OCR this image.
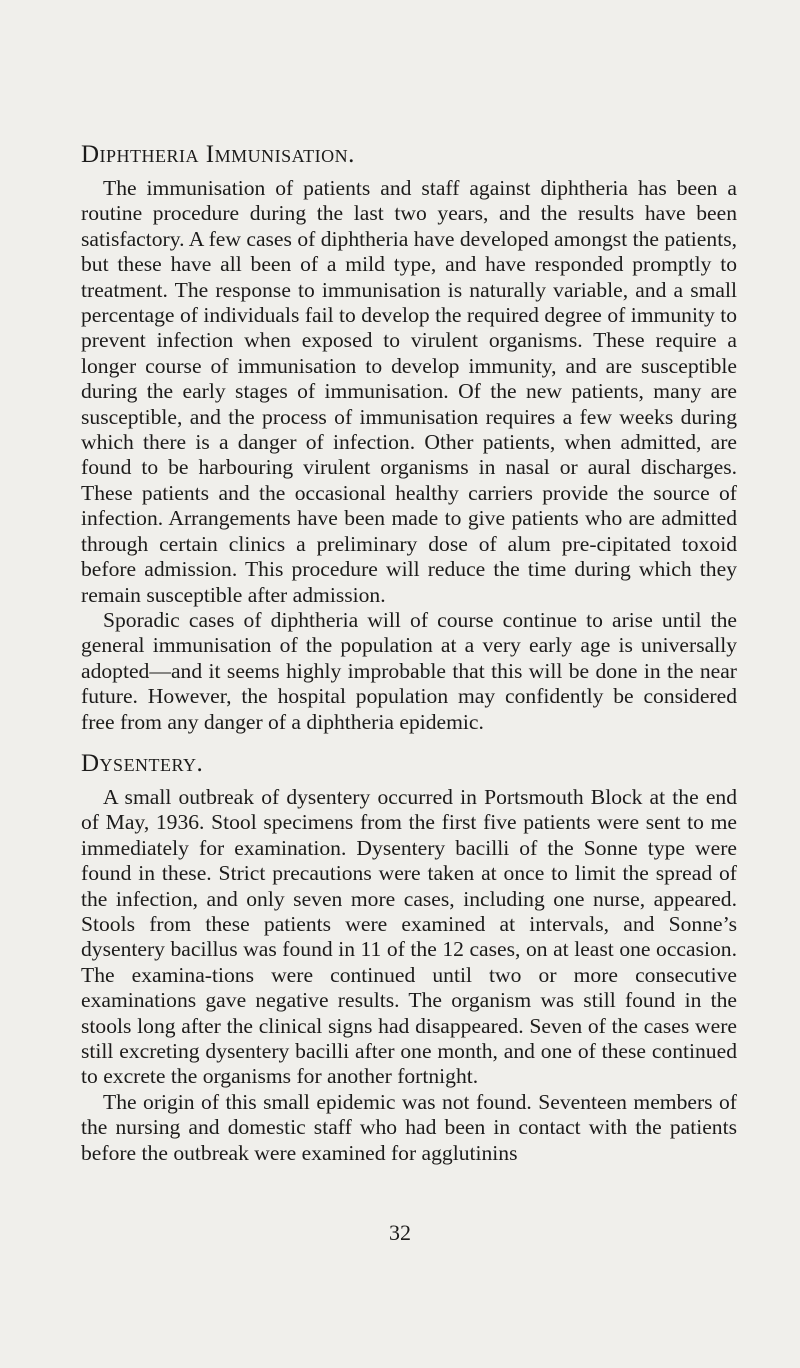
Diphtheria Immunisation.

The immunisation of patients and staff against diphtheria has been a routine procedure during the last two years, and the results have been satisfactory. A few cases of diphtheria have developed amongst the patients, but these have all been of a mild type, and have responded promptly to treatment. The response to immunisation is naturally variable, and a small percentage of individuals fail to develop the required degree of immunity to prevent infection when exposed to virulent organisms. These require a longer course of immunisation to develop immunity, and are susceptible during the early stages of immunisation. Of the new patients, many are susceptible, and the process of immunisation requires a few weeks during which there is a danger of infection. Other patients, when admitted, are found to be harbouring virulent organisms in nasal or aural discharges. These patients and the occasional healthy carriers provide the source of infection. Arrangements have been made to give patients who are admitted through certain clinics a preliminary dose of alum pre-cipitated toxoid before admission. This procedure will reduce the time during which they remain susceptible after admission.

Sporadic cases of diphtheria will of course continue to arise until the general immunisation of the population at a very early age is universally adopted—and it seems highly improbable that this will be done in the near future. However, the hospital population may confidently be considered free from any danger of a diphtheria epidemic.

Dysentery.

A small outbreak of dysentery occurred in Portsmouth Block at the end of May, 1936. Stool specimens from the first five patients were sent to me immediately for examination. Dysentery bacilli of the Sonne type were found in these. Strict precautions were taken at once to limit the spread of the infection, and only seven more cases, including one nurse, appeared. Stools from these patients were examined at intervals, and Sonne’s dysentery bacillus was found in 11 of the 12 cases, on at least one occasion. The examina-tions were continued until two or more consecutive examinations gave negative results. The organism was still found in the stools long after the clinical signs had disappeared. Seven of the cases were still excreting dysentery bacilli after one month, and one of these continued to excrete the organisms for another fortnight.

The origin of this small epidemic was not found. Seventeen members of the nursing and domestic staff who had been in contact with the patients before the outbreak were examined for agglutinins

32
